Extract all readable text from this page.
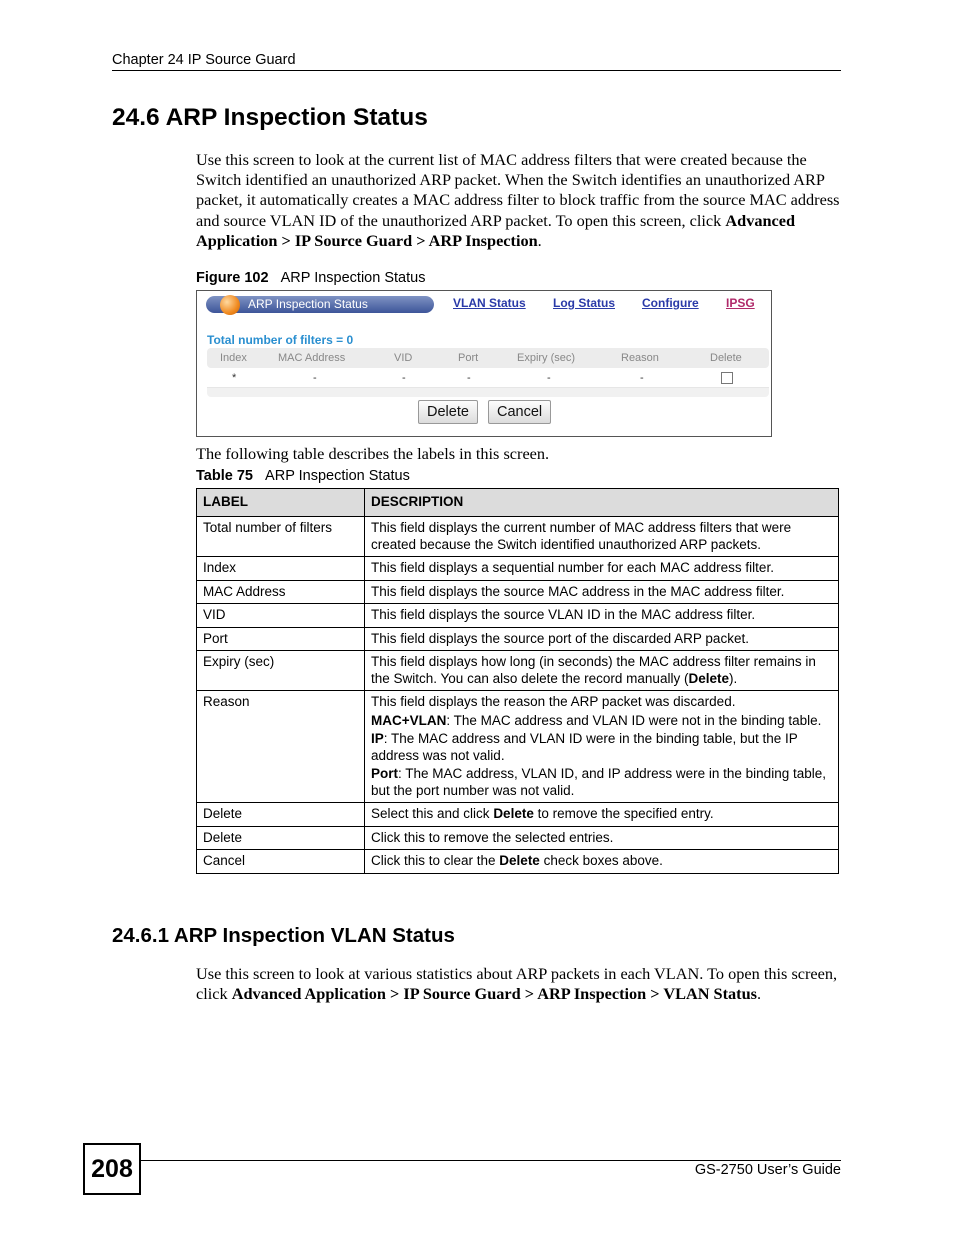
Chapter 24 IP Source Guard
24.6 ARP Inspection Status

Use this screen to look at the current list of MAC address filters that were created because the Switch identified an unauthorized ARP packet. When the Switch identifies an unauthorized ARP packet, it automatically creates a MAC address filter to block traffic from the source MAC address and source VLAN ID of the unauthorized ARP packet. To open this screen, click Advanced Application > IP Source Guard > ARP Inspection.

Figure 102 ARP Inspection Status
ARP Inspection Status	VLAN Status Log Status Configure IPSG
Total number of filters = 0
Index	MAC Address	VID	Port	Expiry (sec)	Reason	Delete
*	-	-	-	-	-
Delete	Cancel

The following table describes the labels in this screen.

Table 75 ARP Inspection Status
LABEL	DESCRIPTION
Total number of filters	This field displays the current number of MAC address filters that were created because the Switch identified unauthorized ARP packets.
Index	This field displays a sequential number for each MAC address filter.
MAC Address	This field displays the source MAC address in the MAC address filter.
VID	This field displays the source VLAN ID in the MAC address filter.
Port	This field displays the source port of the discarded ARP packet.
Expiry (sec)	This field displays how long (in seconds) the MAC address filter remains in the Switch. You can also delete the record manually (Delete).
Reason	This field displays the reason the ARP packet was discarded.
MAC+VLAN: The MAC address and VLAN ID were not in the binding table.
IP: The MAC address and VLAN ID were in the binding table, but the IP address was not valid.
Port: The MAC address, VLAN ID, and IP address were in the binding table, but the port number was not valid.

Delete	Select this and click Delete to remove the specified entry.
Delete	Click this to remove the selected entries.
Cancel	Click this to clear the Delete check boxes above.
24.6.1 ARP Inspection VLAN Status

Use this screen to look at various statistics about ARP packets in each VLAN. To open this screen, click Advanced Application > IP Source Guard > ARP Inspection > VLAN Status.

208	GS-2750 User’s Guide
